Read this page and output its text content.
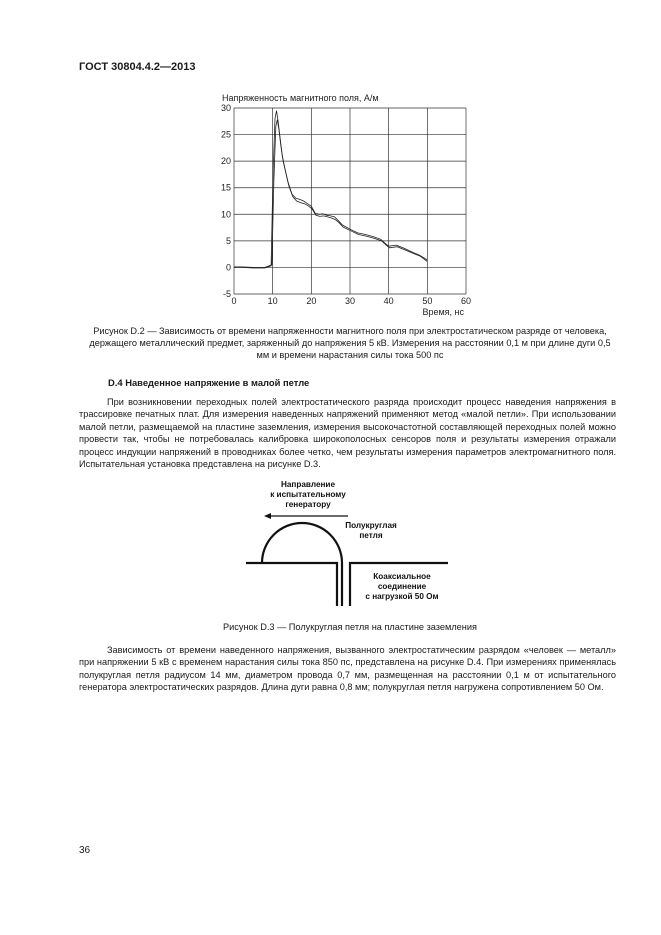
ГОСТ 30804.4.2—2013
Напряженность магнитного поля, А/м
30
25
20
15
10
5
0
-5
0	10	20	30	40	50	60
Время, нс
Рисунок D.2 — Зависимость от времени напряженности магнитного поля при электростатическом разряде от человека, держащего металлический предмет, заряженный до напряжения 5 кВ. Измерения на расстоянии 0,1 м при длине дуги 0,5 мм и времени нарастания силы тока 500 пс
D.4 Наведенное напряжение в малой петле

При возникновении переходных полей электростатического разряда происходит процесс наведения напряжения в трассировке печатных плат. Для измерения наведенных напряжений применяют метод «малой петли». При использовании малой петли, размещаемой на пластине заземления, измерения высокочастотной составляющей переходных полей можно провести так, чтобы не потребовалась калибровка широкополосных сенсоров поля и результаты измерения отражали процесс индукции напряжений в проводниках более четко, чем результаты измерения параметров электромагнитного поля. Испытательная установка представлена на рисунке D.3.

Направление
к испытательному
генератору
Полукруглая
петля
Коаксиальное
соединение
с нагрузкой 50 Ом
Рисунок D.3 — Полукруглая петля на пластине заземления

Зависимость от времени наведенного напряжения, вызванного электростатическим разрядом «человек — металл» при напряжении 5 кВ с временем нарастания силы тока 850 пс, представлена на рисунке D.4. При измерениях применялась полукруглая петля радиусом 14 мм, диаметром провода 0,7 мм, размещенная на расстоянии 0,1 м от испытательного генератора электростатических разрядов. Длина дуги равна 0,8 мм; полукруглая петля нагружена сопротивлением 50 Ом.

36
